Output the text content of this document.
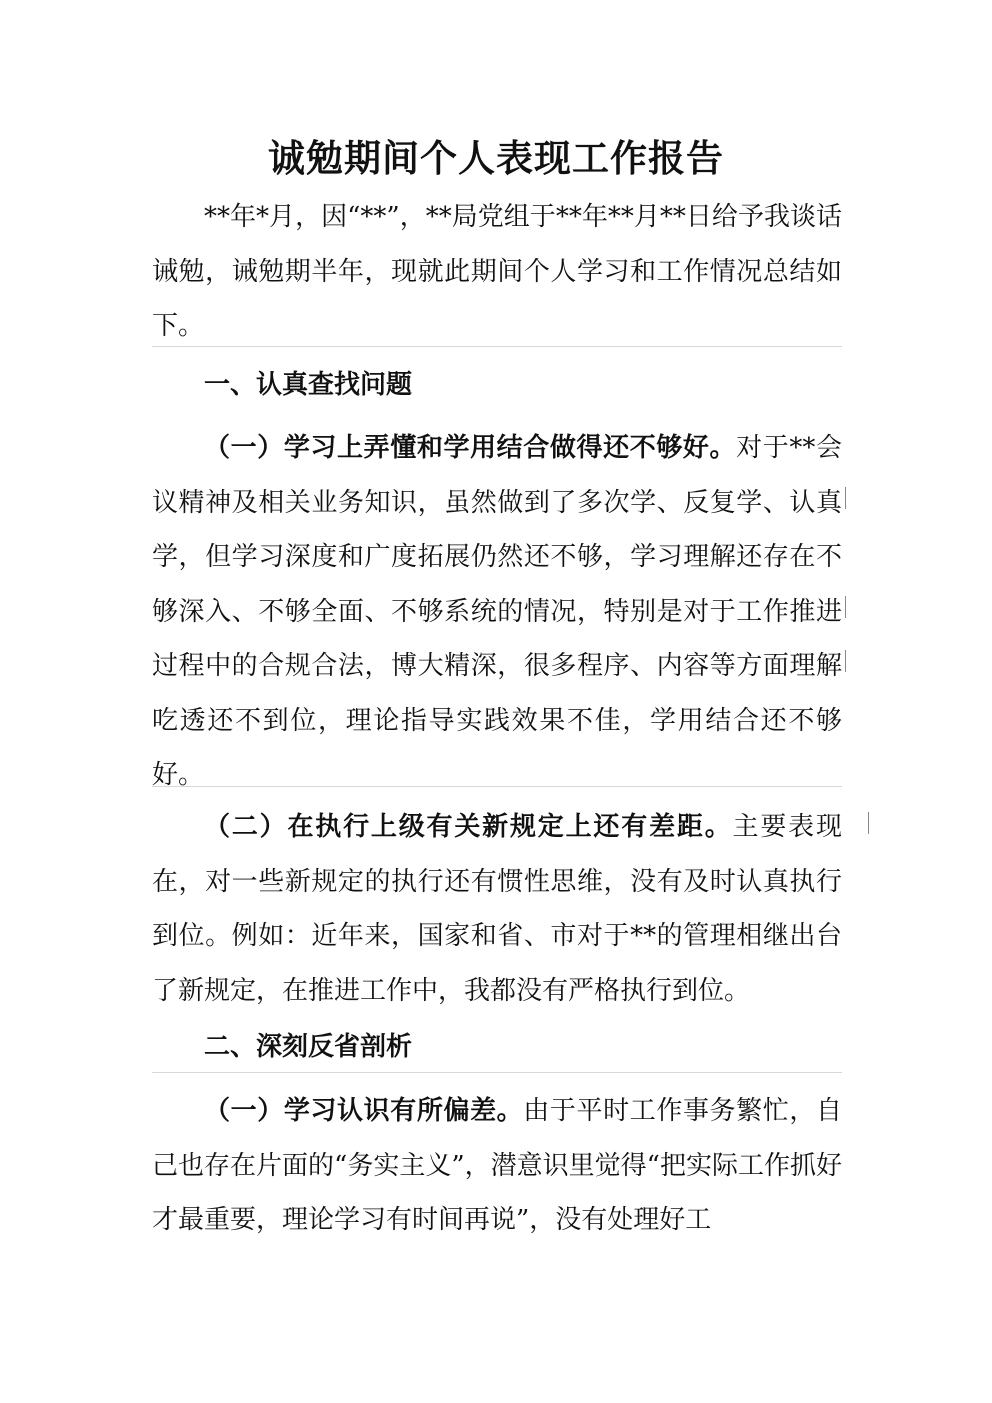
诚勉期间个人表现工作报告

**年*月，因“**”，**局党组于**年**月**日给予我谈话诫勉，诫勉期半年，现就此期间个人学习和工作情况总结如下。

一、认真查找问题

（一）学习上弄懂和学用结合做得还不够好。对于**会议精神及相关业务知识，虽然做到了多次学、反复学、认真学，但学习深度和广度拓展仍然还不够，学习理解还存在不够深入、不够全面、不够系统的情况，特别是对于工作推进过程中的合规合法，博大精深，很多程序、内容等方面理解吃透还不到位，理论指导实践效果不佳，学用结合还不够好。

（二）在执行上级有关新规定上还有差距。主要表现在，对一些新规定的执行还有惯性思维，没有及时认真执行到位。例如：近年来，国家和省、市对于**的管理相继出台了新规定，在推进工作中，我都没有严格执行到位。

二、深刻反省剖析

（一）学习认识有所偏差。由于平时工作事务繁忙，自己也存在片面的“务实主义”，潜意识里觉得“把实际工作抓好才最重要，理论学习有时间再说”，没有处理好工
